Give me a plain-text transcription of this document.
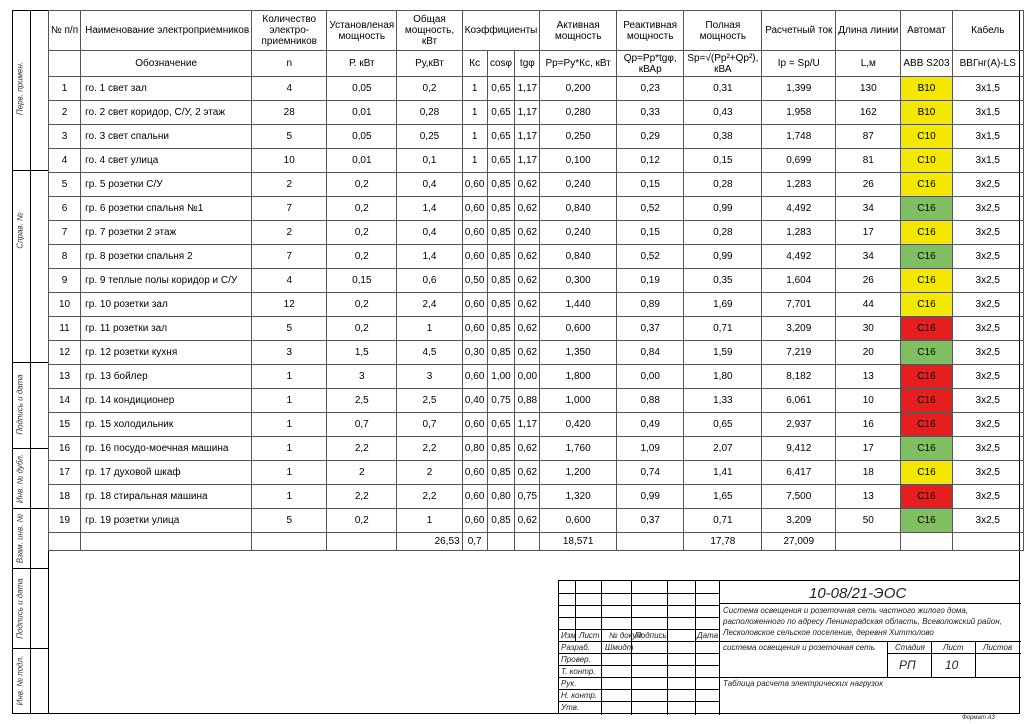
Перв. примен.
Справ. №
Подпись и дата
Инв. № дубл.
Взам. инв. №
Подпись и дата
Инв. № подл.
№ п/п	Наименование электроприемников	Количество электро-приемников	Установленая мощность	Общая мощность, кВт	Коэффициенты			Активная мощность	Реактивная мощность	Полная мощность	Расчетный ток	Длина линии	Автомат	Кабель
	Обозначение	n	Р. кВт	Ру,кВт	Кс	cosφ	tgφ	Рр=Ру*Кс, кВт	Qр=Рр*tgφ, кВАр	Sр=√(Рр²+Qр²), кВА	Iр = Sр/U	L,м	ABB S203	ВВГнг(А)-LS
1	го. 1 свет зал	4	0,05	0,2	1	0,65	1,17	0,200	0,23	0,31	1,399	130	B10	3х1,5
2	го. 2 свет коридор, С/У, 2 этаж	28	0,01	0,28	1	0,65	1,17	0,280	0,33	0,43	1,958	162	B10	3х1,5
3	го. 3 свет спальни	5	0,05	0,25	1	0,65	1,17	0,250	0,29	0,38	1,748	87	C10	3х1,5
4	го. 4 свет улица	10	0,01	0,1	1	0,65	1,17	0,100	0,12	0,15	0,699	81	C10	3х1,5
5	гр. 5 розетки С/У	2	0,2	0,4	0,60	0,85	0,62	0,240	0,15	0,28	1,283	26	C16	3х2,5
6	гр. 6 розетки спальня №1	7	0,2	1,4	0,60	0,85	0,62	0,840	0,52	0,99	4,492	34	C16	3х2,5
7	гр. 7 розетки 2 этаж	2	0,2	0,4	0,60	0,85	0,62	0,240	0,15	0,28	1,283	17	C16	3х2,5
8	гр. 8 розетки спальня 2	7	0,2	1,4	0,60	0,85	0,62	0,840	0,52	0,99	4,492	34	C16	3х2,5
9	гр. 9 теплые полы коридор и С/У	4	0,15	0,6	0,50	0,85	0,62	0,300	0,19	0,35	1,604	26	C16	3х2,5
10	гр. 10 розетки зал	12	0,2	2,4	0,60	0,85	0,62	1,440	0,89	1,69	7,701	44	C16	3х2,5
11	гр. 11 розетки зал	5	0,2	1	0,60	0,85	0,62	0,600	0,37	0,71	3,209	30	C16	3х2,5
12	гр. 12 розетки кухня	3	1,5	4,5	0,30	0,85	0,62	1,350	0,84	1,59	7,219	20	C16	3х2,5
13	гр. 13 бойлер	1	3	3	0,60	1,00	0,00	1,800	0,00	1,80	8,182	13	C16	3х2,5
14	гр. 14 кондиционер	1	2,5	2,5	0,40	0,75	0,88	1,000	0,88	1,33	6,061	10	C16	3х2,5
15	гр. 15 холодильник	1	0,7	0,7	0,60	0,65	1,17	0,420	0,49	0,65	2,937	16	C16	3х2,5
16	гр. 16 посудо-моечная машина	1	2,2	2,2	0,80	0,85	0,62	1,760	1,09	2,07	9,412	17	C16	3х2,5
17	гр. 17 духовой шкаф	1	2	2	0,60	0,85	0,62	1,200	0,74	1,41	6,417	18	C16	3х2,5
18	гр. 18 стиральная машина	1	2,2	2,2	0,60	0,80	0,75	1,320	0,99	1,65	7,500	13	C16	3х2,5
19	гр. 19 розетки улица	5	0,2	1	0,60	0,85	0,62	0,600	0,37	0,71	3,209	50	C16	3х2,5
				26,53	0,7			18,571		17,78	27,009			
Изм Лист № докум
Подпись	Дата
Разраб.
Провер.
Т. контр.
Рук.
Н. контр.
Утв.
Шмидт
10-08/21-ЭОС
Система освещения и розеточная сеть частного жилого дома, расположенного по адресу Ленинградская область, Всеволожский район, Лесколовское сельское поселение, деревня Хиттолово
система освещения и розеточная сеть	Стадия Лист Листов
РП 10
Таблица расчета электрических нагрузок
Формат А3
